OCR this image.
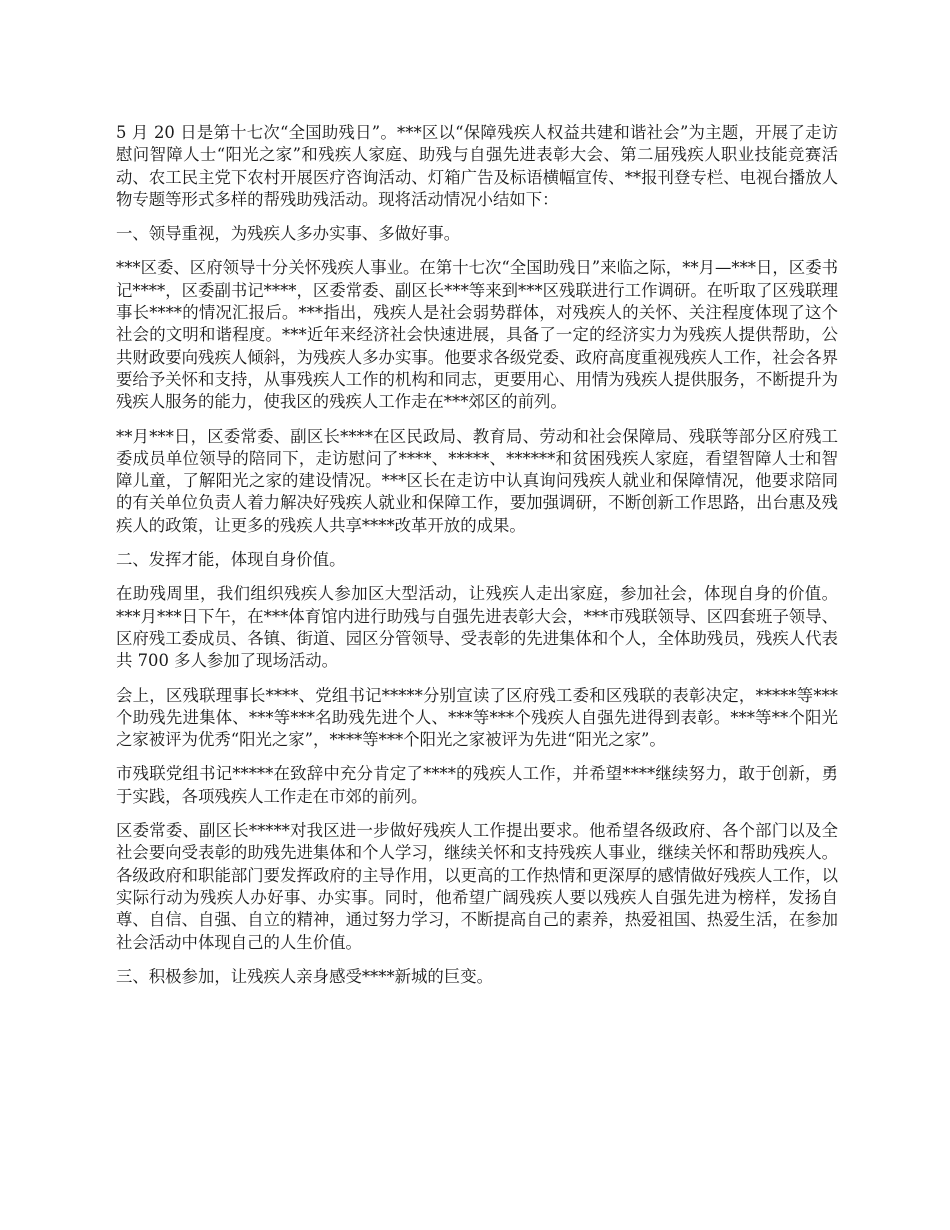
5 月 20 日是第十七次“全国助残日”。***区以“保障残疾人权益共建和谐社会”为主题，开展了走访慰问智障人士“阳光之家”和残疾人家庭、助残与自强先进表彰大会、第二届残疾人职业技能竞赛活动、农工民主党下农村开展医疗咨询活动、灯箱广告及标语横幅宣传、**报刊登专栏、电视台播放人物专题等形式多样的帮残助残活动。现将活动情况小结如下：

一、领导重视，为残疾人多办实事、多做好事。

***区委、区府领导十分关怀残疾人事业。在第十七次“全国助残日”来临之际，**月—***日，区委书记****，区委副书记****，区委常委、副区长***等来到***区残联进行工作调研。在听取了区残联理事长****的情况汇报后。***指出，残疾人是社会弱势群体，对残疾人的关怀、关注程度体现了这个社会的文明和谐程度。***近年来经济社会快速进展，具备了一定的经济实力为残疾人提供帮助，公共财政要向残疾人倾斜，为残疾人多办实事。他要求各级党委、政府高度重视残疾人工作，社会各界要给予关怀和支持，从事残疾人工作的机构和同志，更要用心、用情为残疾人提供服务，不断提升为残疾人服务的能力，使我区的残疾人工作走在***郊区的前列。

**月***日，区委常委、副区长****在区民政局、教育局、劳动和社会保障局、残联等部分区府残工委成员单位领导的陪同下，走访慰问了****、*****、******和贫困残疾人家庭，看望智障人士和智障儿童，了解阳光之家的建设情况。***区长在走访中认真询问残疾人就业和保障情况，他要求陪同的有关单位负责人着力解决好残疾人就业和保障工作，要加强调研，不断创新工作思路，出台惠及残疾人的政策，让更多的残疾人共享****改革开放的成果。

二、发挥才能，体现自身价值。

在助残周里，我们组织残疾人参加区大型活动，让残疾人走出家庭，参加社会，体现自身的价值。***月***日下午，在***体育馆内进行助残与自强先进表彰大会，***市残联领导、区四套班子领导、区府残工委成员、各镇、街道、园区分管领导、受表彰的先进集体和个人，全体助残员，残疾人代表共 700 多人参加了现场活动。

会上，区残联理事长****、党组书记*****分别宣读了区府残工委和区残联的表彰决定，*****等***个助残先进集体、***等***名助残先进个人、***等***个残疾人自强先进得到表彰。***等**个阳光之家被评为优秀“阳光之家”，****等***个阳光之家被评为先进“阳光之家”。

市残联党组书记*****在致辞中充分肯定了****的残疾人工作，并希望****继续努力，敢于创新，勇于实践，各项残疾人工作走在市郊的前列。

区委常委、副区长*****对我区进一步做好残疾人工作提出要求。他希望各级政府、各个部门以及全社会要向受表彰的助残先进集体和个人学习，继续关怀和支持残疾人事业，继续关怀和帮助残疾人。各级政府和职能部门要发挥政府的主导作用，以更高的工作热情和更深厚的感情做好残疾人工作，以实际行动为残疾人办好事、办实事。同时，他希望广阔残疾人要以残疾人自强先进为榜样，发扬自尊、自信、自强、自立的精神，通过努力学习，不断提高自己的素养，热爱祖国、热爱生活，在参加社会活动中体现自己的人生价值。

三、积极参加，让残疾人亲身感受****新城的巨变。
